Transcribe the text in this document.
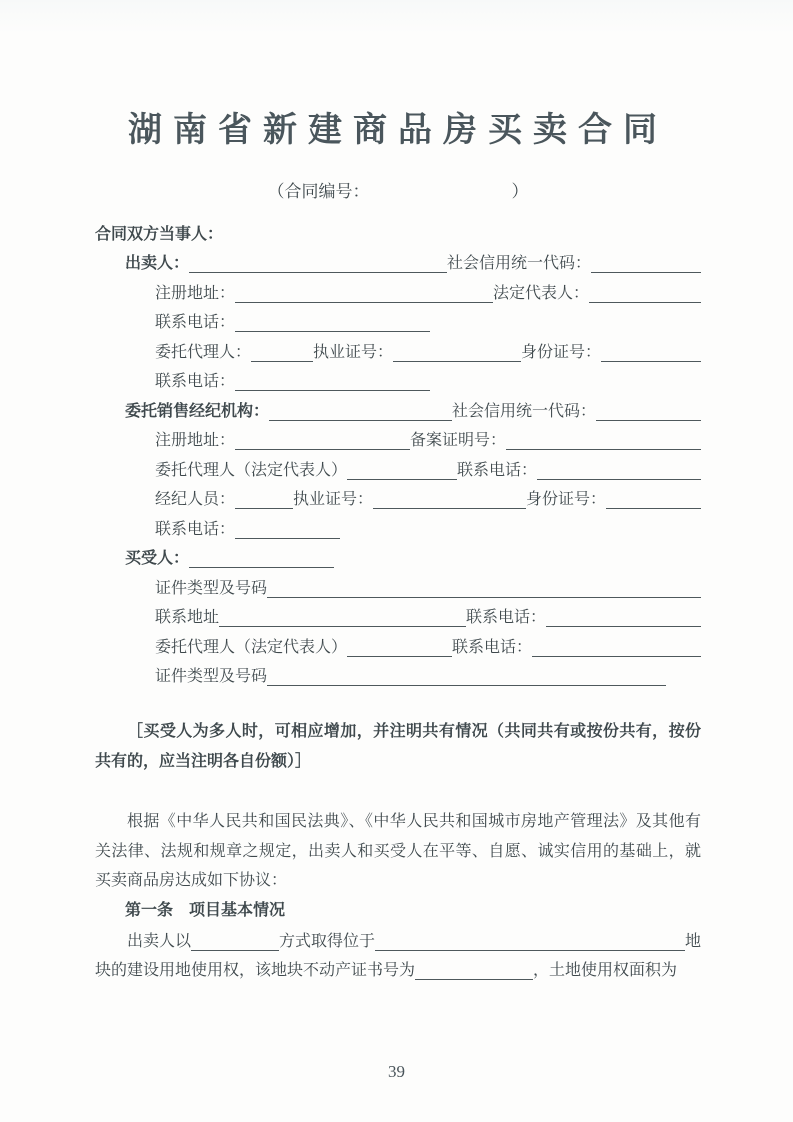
湖南省新建商品房买卖合同
（合同编号：	）
合同双方当事人：
出卖人：	社会信用统一代码：
注册地址：	法定代表人：
联系电话：
委托代理人：	执业证号：	身份证号：
联系电话：
委托销售经纪机构：	社会信用统一代码：
注册地址：	备案证明号：
委托代理人（法定代表人）	联系电话：
经纪人员：	执业证号：	身份证号：
联系电话：
买受人：
证件类型及号码
联系地址	联系电话：
委托代理人（法定代表人）	联系电话：
证件类型及号码
［买受人为多人时，可相应增加，并注明共有情况（共同共有或按份共有，按份共有的，应当注明各自份额）］
根据《中华人民共和国民法典》、《中华人民共和国城市房地产管理法》及其他有关法律、法规和规章之规定，出卖人和买受人在平等、自愿、诚实信用的基础上，就买卖商品房达成如下协议：
第一条　项目基本情况
出卖人以	方式取得位于	地
块的建设用地使用权，该地块不动产证书号为	，土地使用权面积为
39
